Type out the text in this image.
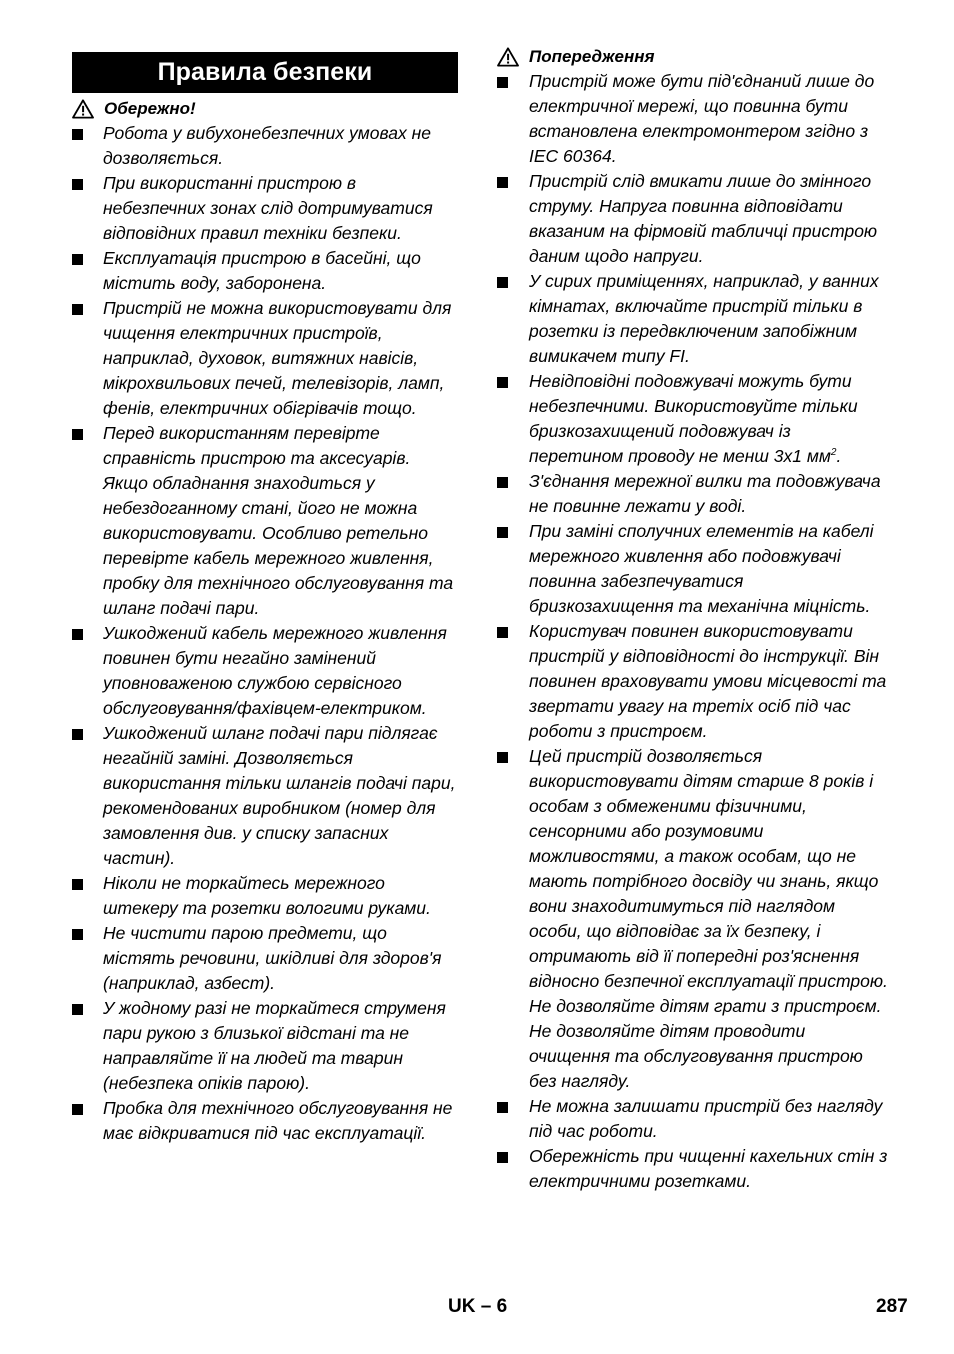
Правила безпеки
Обережно!
Робота у вибухонебезпечних умовах не дозволяється.
При використанні пристрою в небезпечних зонах слід дотримуватися відповідних правил техніки безпеки.
Експлуатація пристрою в басейні, що містить воду, заборонена.
Пристрій не можна використовувати для чищення електричних пристроїв, наприклад, духовок, витяжних навісів, мікрохвильових печей, телевізорів, ламп, фенів, електричних обігрівачів тощо.
Перед використанням перевірте справність пристрою та аксесуарів. Якщо обладнання знаходиться у небездоганному стані, його не можна використовувати. Особливо ретельно перевірте кабель мережного живлення, пробку для технічного обслуговування та шланг подачі пари.
Ушкоджений кабель мережного живлення повинен бути негайно замінений уповноваженою службою сервісного обслуговування/фахівцем-електриком.
Ушкоджений шланг подачі пари підлягає негайній заміні. Дозволяється використання тільки шлангів подачі пари, рекомендованих виробником (номер для замовлення див. у списку запасних частин).
Ніколи не торкайтесь мережного штекеру та розетки вологими руками.
Не чистити парою предмети, що містять речовини, шкідливі для здоров'я (наприклад, азбест).
У жодному разі не торкайтеся струменя пари рукою з близької відстані та не направляйте її на людей та тварин (небезпека опіків парою).
Пробка для технічного обслуговування не має відкриватися під час експлуатації.
Попередження
Пристрій може бути під'єднаний лише до електричної мережі, що повинна бути встановлена електромонтером згідно з IEC 60364.
Пристрій слід вмикати лише до змінного струму. Напруга повинна відповідати вказаним на фірмовій табличці пристрою даним щодо напруги.
У сирих приміщеннях, наприклад, у ванних кімнатах, включайте пристрій тільки в розетки із передвключеним запобіжним вимикачем типу FI.
Невідповідні подовжувачі можуть бути небезпечними. Використовуйте тільки бризкозахищений подовжувач із перетином проводу не менш 3x1 $мм^2$.
З'єднання мережної вилки та подовжувача не повинне лежати у воді.
При заміні сполучних елементів на кабелі мережного живлення або подовжувачі повинна забезпечуватися бризкозахищення та механічна міцність.
Користувач повинен використовувати пристрій у відповідності до інструкції. Він повинен враховувати умови місцевості та звертати увагу на третіх осіб під час роботи з пристроєм.
Цей пристрій дозволяється використовувати дітям старше 8 років і особам з обмеженими фізичними, сенсорними або розумовими можливостями, а також особам, що не мають потрібного досвіду чи знань, якщо вони знаходитимуться під наглядом особи, що відповідає за їх безпеку, і отримають від її попередні роз'яснення відносно безпечної експлуатації пристрою. Не дозволяйте дітям грати з пристроєм. Не дозволяйте дітям проводити очищення та обслуговування пристрою без нагляду.
Не можна залишати пристрій без нагляду під час роботи.
Обережність при чищенні кахельних стін з електричними розетками.
UK – 6	287
